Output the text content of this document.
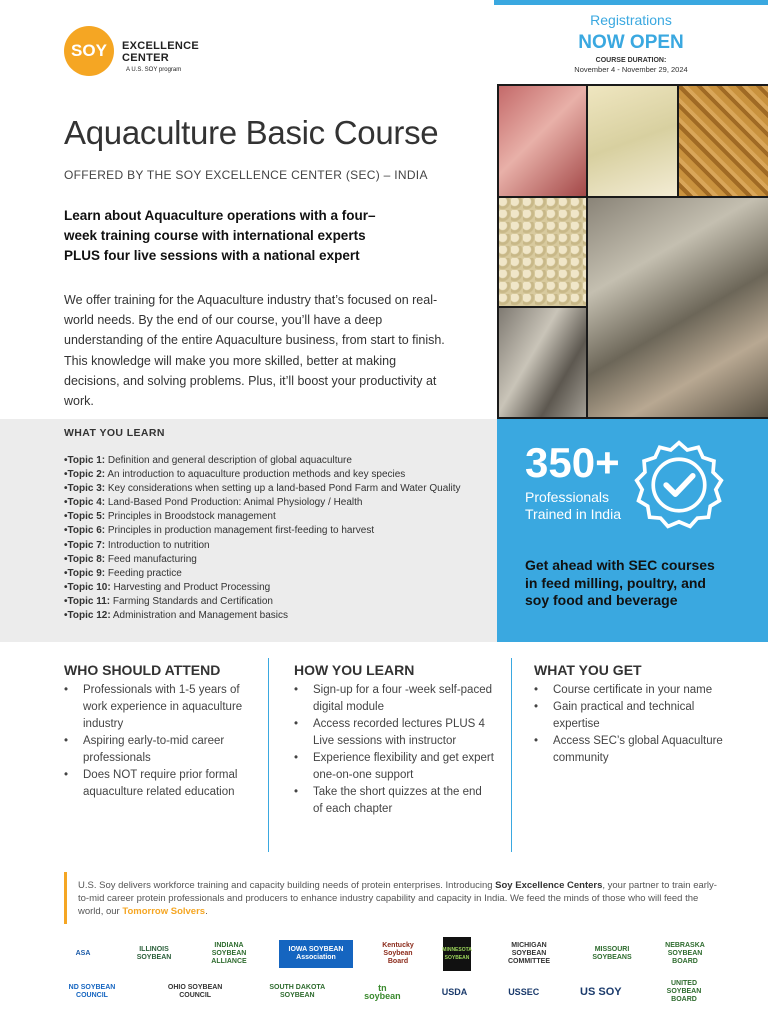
SOY	EXCELLENCE
CENTER
A U.S. SOY program
Registrations
NOW OPEN
COURSE DURATION:
November 4 - November 29, 2024
Aquaculture Basic Course
OFFERED BY THE SOY EXCELLENCE CENTER (SEC) – INDIA

Learn about Aquaculture operations with a four–week training course with international experts PLUS four live sessions with a national expert

We offer training for the Aquaculture industry that’s focused on real-world needs. By the end of our course, you’ll have a deep understanding of the entire Aquaculture business, from start to finish. This knowledge will make you more skilled, better at making decisions, and solving problems. Plus, it’ll boost your productivity at work.

WHAT YOU LEARN
•Topic 1: Definition and general description of global aquaculture
•Topic 2: An introduction to aquaculture production methods and key species
•Topic 3: Key considerations when setting up a land-based Pond Farm and Water Quality
•Topic 4: Land-Based Pond Production: Animal Physiology / Health
•Topic 5: Principles in Broodstock management
•Topic 6: Principles in production management first-feeding to harvest
•Topic 7: Introduction to nutrition
•Topic 8: Feed manufacturing
•Topic 9: Feeding practice
•Topic 10: Harvesting and Product Processing
•Topic 11: Farming Standards and Certification
•Topic 12: Administration and Management basics
350+
Professionals Trained in India
Get ahead with SEC courses in feed milling, poultry, and soy food and beverage
WHO SHOULD ATTEND
• Professionals with 1-5 years of work experience in aquaculture industry
• Aspiring early-to-mid career professionals
• Does NOT require prior formal aquaculture related education
HOW YOU LEARN
• Sign-up for a four -week self-paced digital module
• Access recorded lectures PLUS 4 Live sessions with instructor
• Experience flexibility and get expert one-on-one support
• Take the short quizzes at the end of each chapter
WHAT YOU GET
• Course certificate in your name
• Gain practical and technical expertise
• Access SEC’s global Aquaculture community

U.S. Soy delivers workforce training and capacity building needs of protein enterprises. Introducing Soy Excellence Centers, your partner to train early-to-mid career protein professionals and producers to enhance industry capability and capacity in India. We feed the minds of those who will feed the world, our Tomorrow Solvers.

ASA
ILLINOIS SOYBEAN
INDIANA SOYBEAN ALLIANCE
IOWA SOYBEAN Association
Kentucky Soybean Board
MINNESOTA SOYBEAN
MICHIGAN SOYBEAN COMMITTEE
MISSOURI SOYBEANS
NEBRASKA SOYBEAN BOARD
ND SOYBEAN COUNCIL
OHIO SOYBEAN COUNCIL
SOUTH DAKOTA SOYBEAN
tn soybean	USDA	USSEC	US SOY
UNITED SOYBEAN BOARD
